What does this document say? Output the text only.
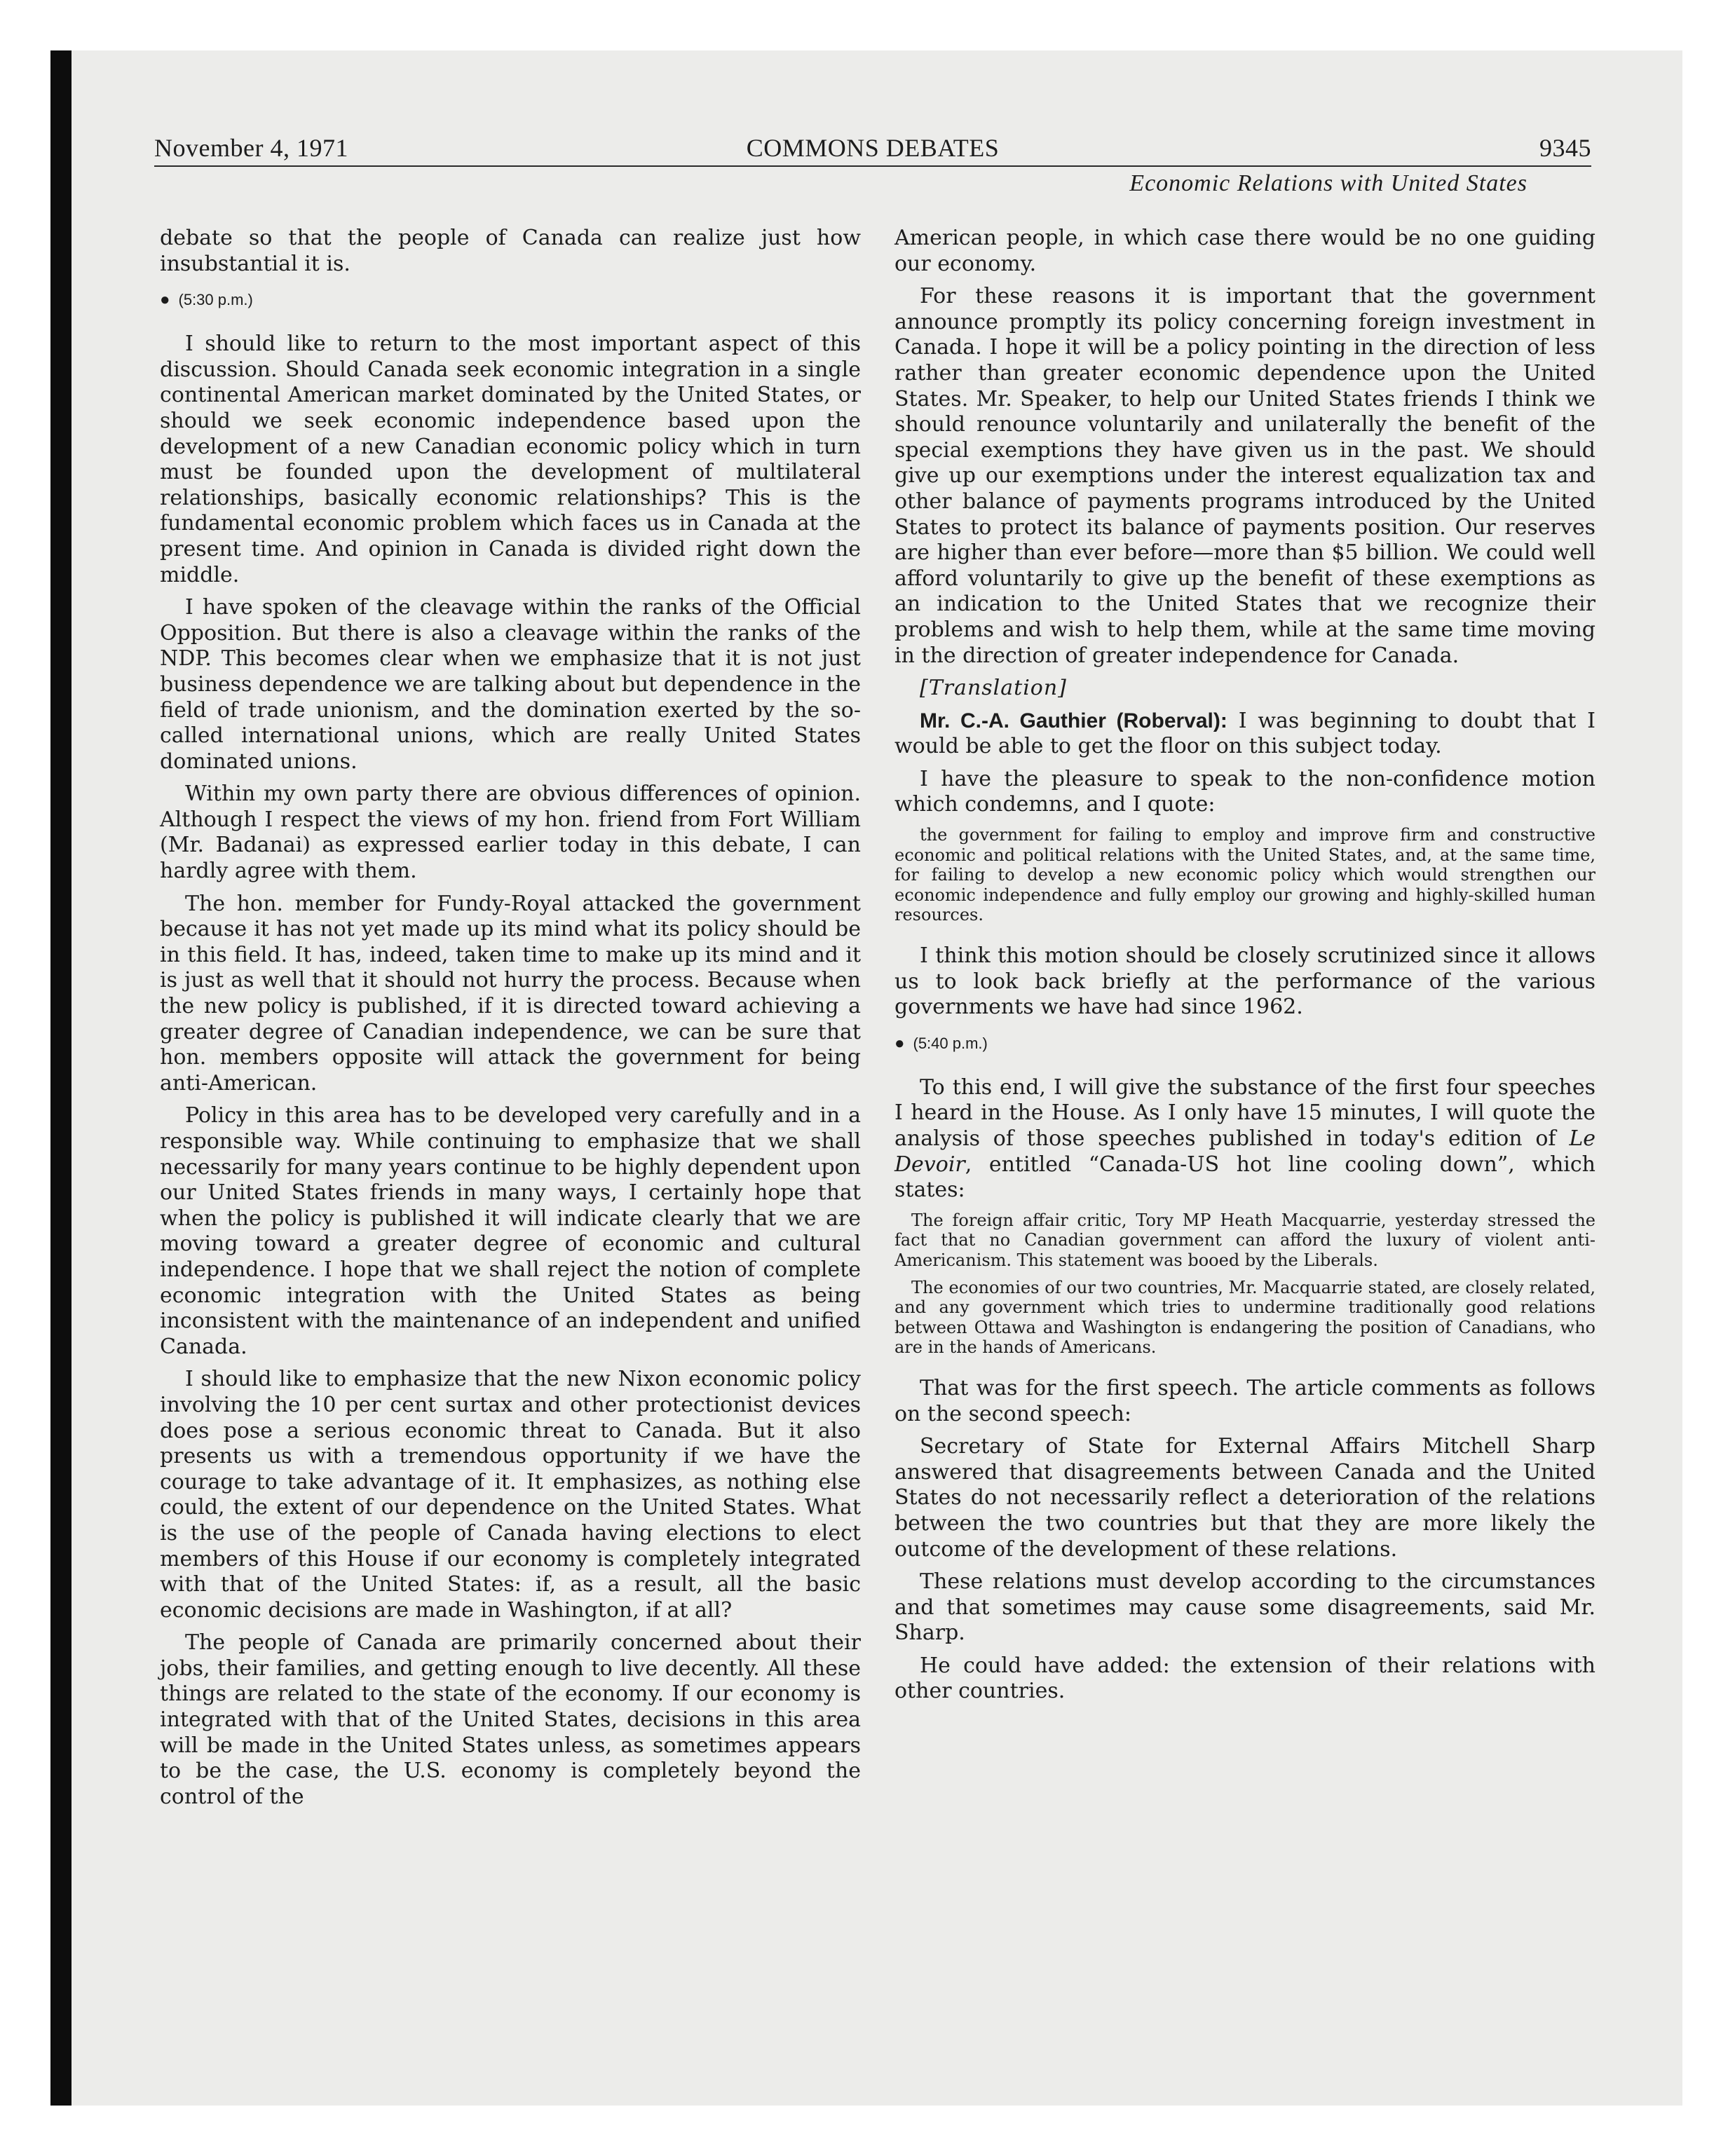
November 4, 1971	COMMONS DEBATES	9345
Economic Relations with United States

debate so that the people of Canada can realize just how insubstantial it is.

● (5:30 p.m.)

I should like to return to the most important aspect of this discussion. Should Canada seek economic integration in a single continental American market dominated by the United States, or should we seek economic independence based upon the development of a new Canadian economic policy which in turn must be founded upon the development of multilateral relationships, basically economic relationships? This is the fundamental economic problem which faces us in Canada at the present time. And opinion in Canada is divided right down the middle.

I have spoken of the cleavage within the ranks of the Official Opposition. But there is also a cleavage within the ranks of the NDP. This becomes clear when we emphasize that it is not just business dependence we are talking about but dependence in the field of trade unionism, and the domination exerted by the so-called international unions, which are really United States dominated unions.

Within my own party there are obvious differences of opinion. Although I respect the views of my hon. friend from Fort William (Mr. Badanai) as expressed earlier today in this debate, I can hardly agree with them.

The hon. member for Fundy-Royal attacked the government because it has not yet made up its mind what its policy should be in this field. It has, indeed, taken time to make up its mind and it is just as well that it should not hurry the process. Because when the new policy is published, if it is directed toward achieving a greater degree of Canadian independence, we can be sure that hon. members opposite will attack the government for being anti-American.

Policy in this area has to be developed very carefully and in a responsible way. While continuing to emphasize that we shall necessarily for many years continue to be highly dependent upon our United States friends in many ways, I certainly hope that when the policy is published it will indicate clearly that we are moving toward a greater degree of economic and cultural independence. I hope that we shall reject the notion of complete economic integration with the United States as being inconsistent with the maintenance of an independent and unified Canada.

I should like to emphasize that the new Nixon economic policy involving the 10 per cent surtax and other protectionist devices does pose a serious economic threat to Canada. But it also presents us with a tremendous opportunity if we have the courage to take advantage of it. It emphasizes, as nothing else could, the extent of our dependence on the United States. What is the use of the people of Canada having elections to elect members of this House if our economy is completely integrated with that of the United States: if, as a result, all the basic economic decisions are made in Washington, if at all?

The people of Canada are primarily concerned about their jobs, their families, and getting enough to live decently. All these things are related to the state of the economy. If our economy is integrated with that of the United States, decisions in this area will be made in the United States unless, as sometimes appears to be the case, the U.S. economy is completely beyond the control of the

American people, in which case there would be no one guiding our economy.

For these reasons it is important that the government announce promptly its policy concerning foreign investment in Canada. I hope it will be a policy pointing in the direction of less rather than greater economic dependence upon the United States. Mr. Speaker, to help our United States friends I think we should renounce voluntarily and unilaterally the benefit of the special exemptions they have given us in the past. We should give up our exemptions under the interest equalization tax and other balance of payments programs introduced by the United States to protect its balance of payments position. Our reserves are higher than ever before—more than $5 billion. We could well afford voluntarily to give up the benefit of these exemptions as an indication to the United States that we recognize their problems and wish to help them, while at the same time moving in the direction of greater independence for Canada.

[Translation]

Mr. C.-A. Gauthier (Roberval): I was beginning to doubt that I would be able to get the floor on this subject today.

I have the pleasure to speak to the non-confidence motion which condemns, and I quote:

the government for failing to employ and improve firm and constructive economic and political relations with the United States, and, at the same time, for failing to develop a new economic policy which would strengthen our economic independence and fully employ our growing and highly-skilled human resources.

I think this motion should be closely scrutinized since it allows us to look back briefly at the performance of the various governments we have had since 1962.

● (5:40 p.m.)

To this end, I will give the substance of the first four speeches I heard in the House. As I only have 15 minutes, I will quote the analysis of those speeches published in today's edition of Le Devoir, entitled “Canada-US hot line cooling down”, which states:

The foreign affair critic, Tory MP Heath Macquarrie, yesterday stressed the fact that no Canadian government can afford the luxury of violent anti-Americanism. This statement was booed by the Liberals.

The economies of our two countries, Mr. Macquarrie stated, are closely related, and any government which tries to undermine traditionally good relations between Ottawa and Washington is endangering the position of Canadians, who are in the hands of Americans.

That was for the first speech. The article comments as follows on the second speech:

Secretary of State for External Affairs Mitchell Sharp answered that disagreements between Canada and the United States do not necessarily reflect a deterioration of the relations between the two countries but that they are more likely the outcome of the development of these relations.

These relations must develop according to the circumstances and that sometimes may cause some disagreements, said Mr. Sharp.

He could have added: the extension of their relations with other countries.
